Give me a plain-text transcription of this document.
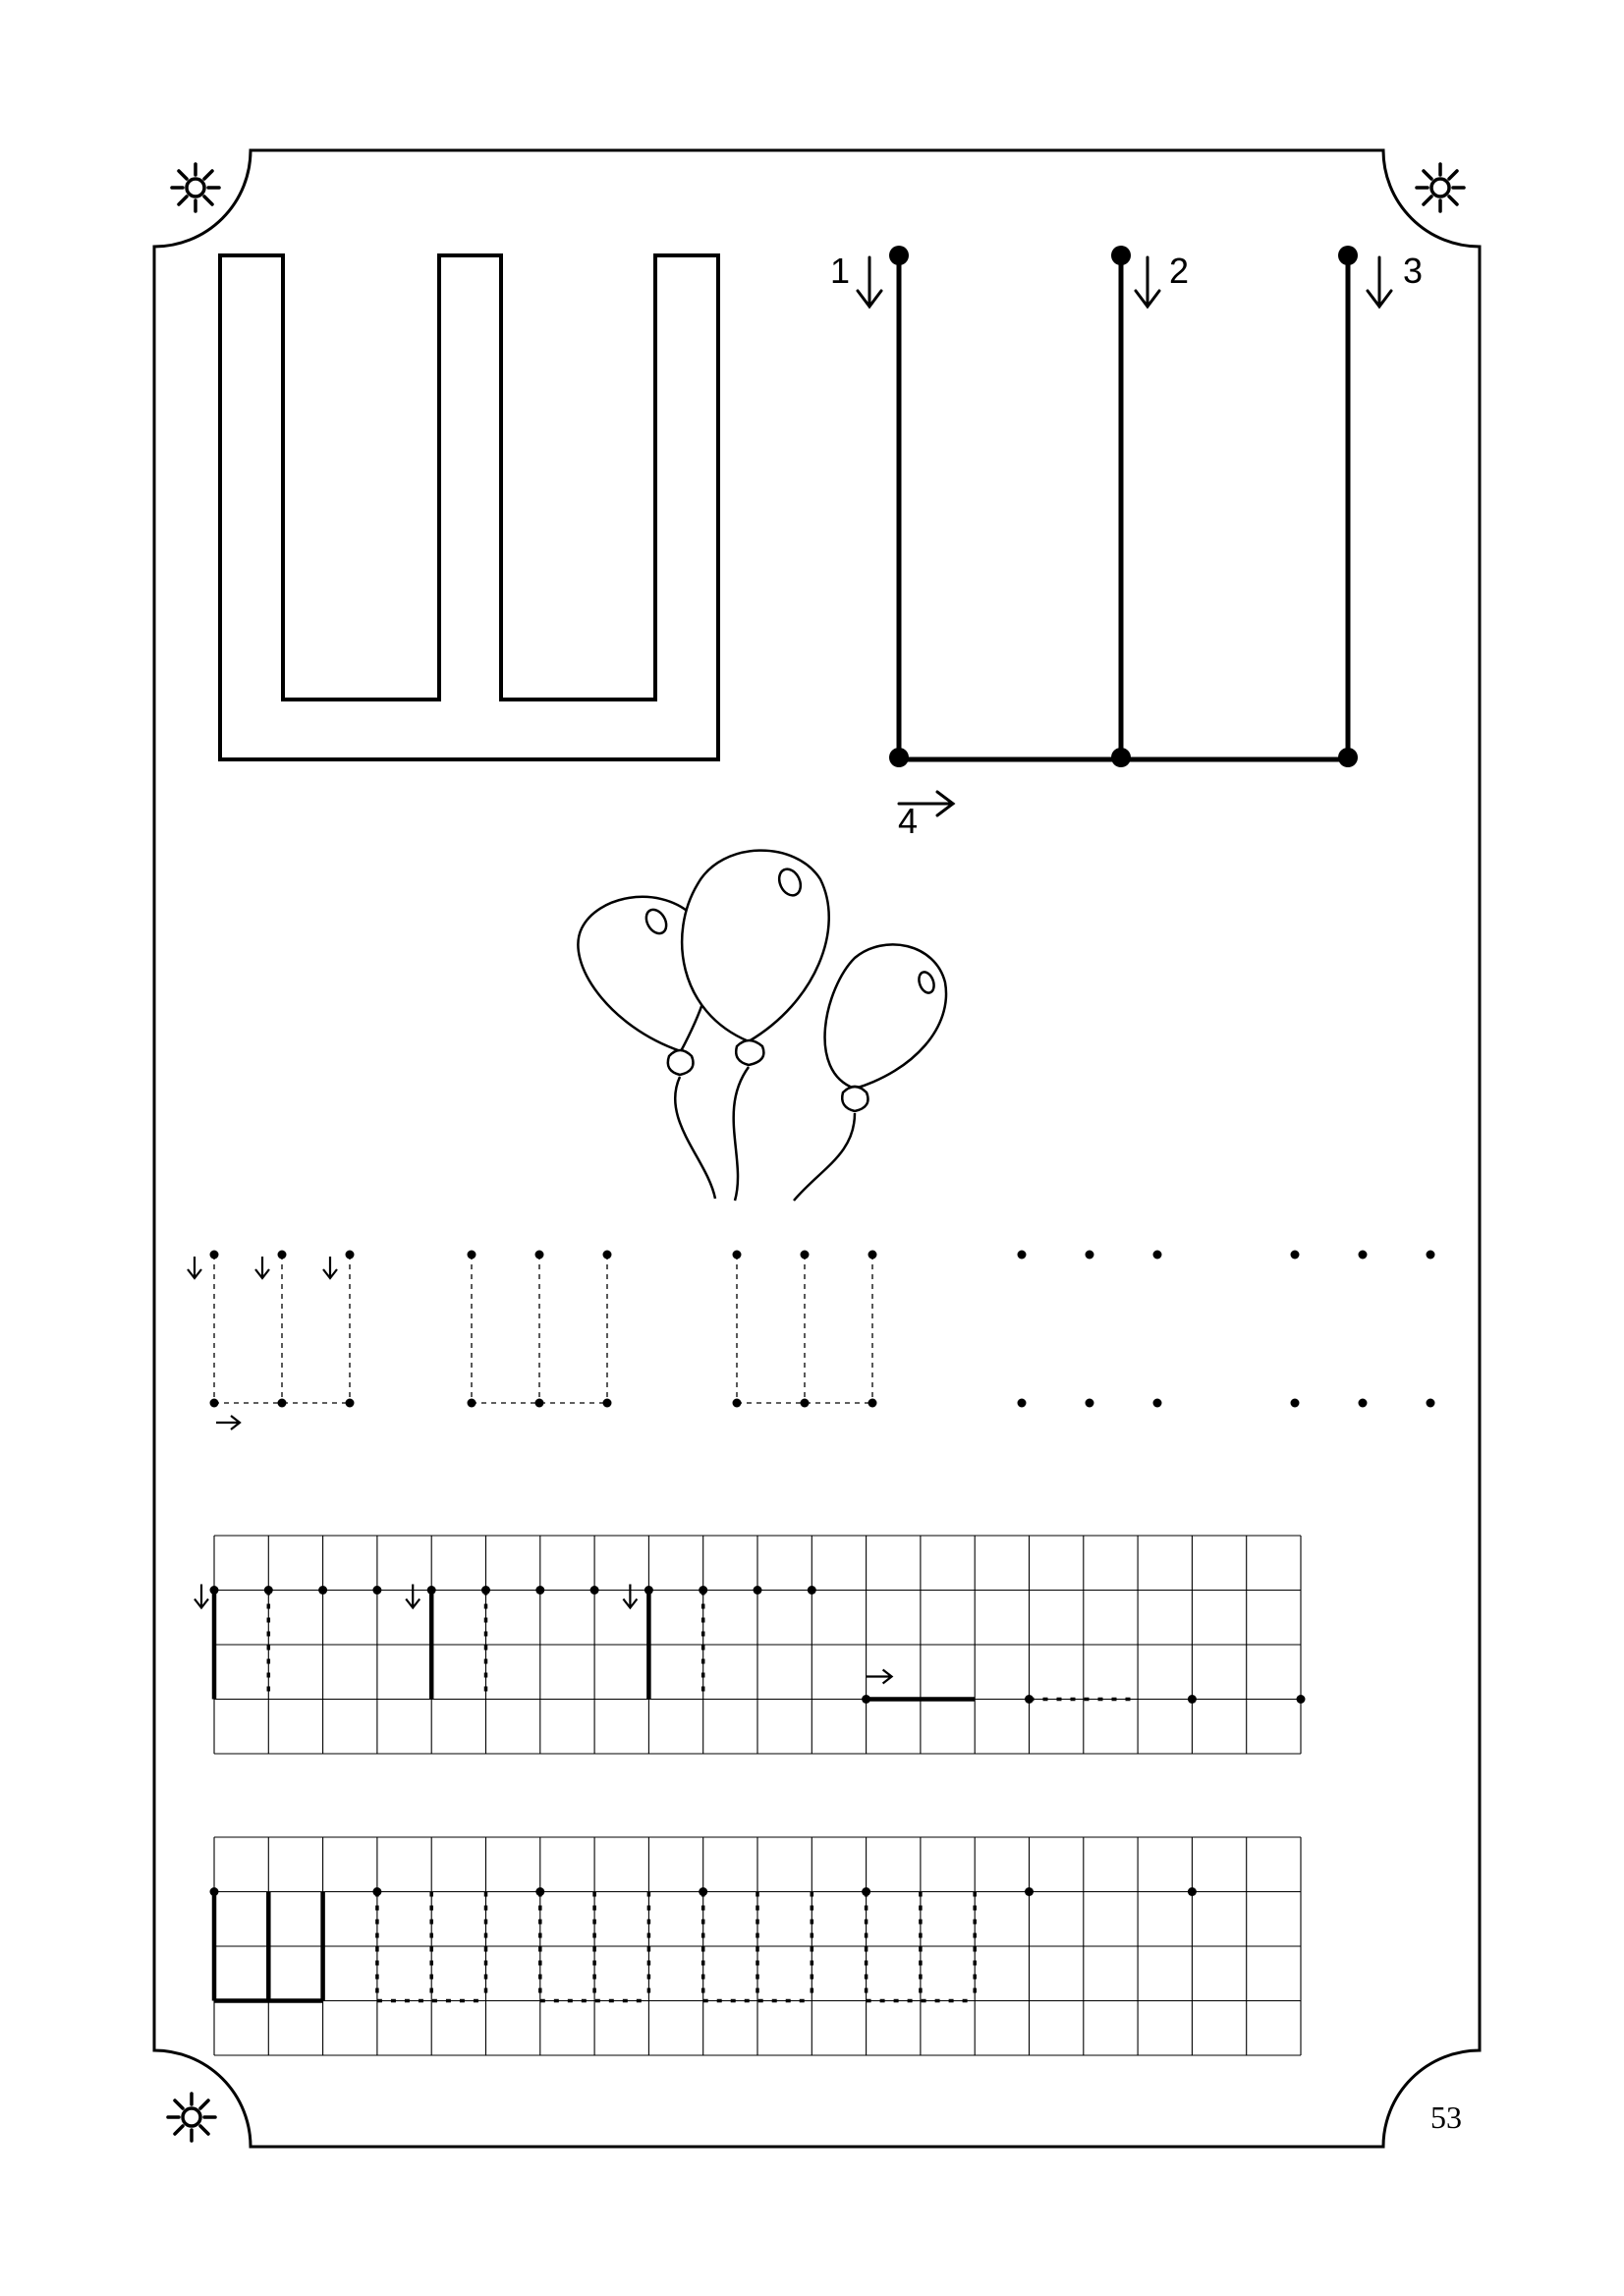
53
1	2	3
4
